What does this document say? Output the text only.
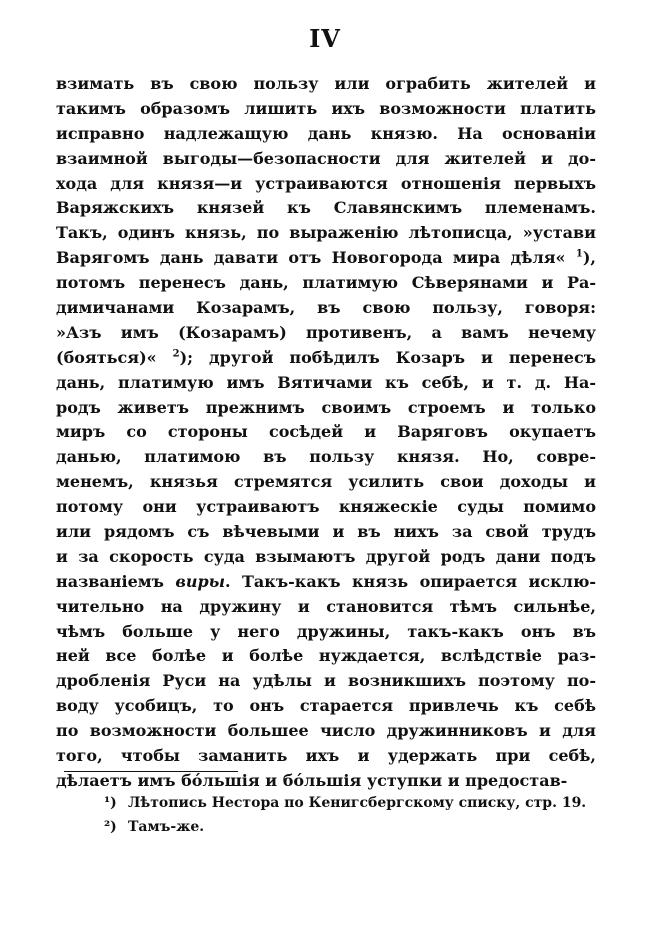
IV
взимать въ свою пользу или ограбить жителей и
такимъ образомъ лишить ихъ возможности платить
исправно надлежащую дань князю. На основаніи
взаимной выгоды—безопасности для жителей и до-
хода для князя—и устраиваются отношенія первыхъ
Варяжскихъ князей къ Славянскимъ племенамъ.
Такъ, одинъ князь, по выраженію лѣтописца, »устави
Варягомъ дань давати отъ Новогорода мира дѣля« $^1$),
потомъ перенесъ дань, платимую Сѣверянами и Ра-
димичанами Козарамъ, въ свою пользу, говоря:
»Азъ имъ (Козарамъ) противенъ, а вамъ нечему
(бояться)« $^2$); другой побѣдилъ Козаръ и перенесъ
дань, платимую имъ Вятичами къ себѣ, и т. д. На-
родъ живетъ прежнимъ своимъ строемъ и только
миръ со стороны сосѣдей и Варяговъ окупаетъ
данью, платимою въ пользу князя. Но, совре-
менемъ, князья стремятся усилить свои доходы и
потому они устраиваютъ княжескіе суды помимо
или рядомъ съ вѣчевыми и въ нихъ за свой трудъ
и за скорость суда взымаютъ другой родъ дани подъ
названіемъ виры. Такъ-какъ князь опирается исклю-
чительно на дружину и становится тѣмъ сильнѣе,
чѣмъ больше у него дружины, такъ-какъ онъ въ
ней все болѣе и болѣе нуждается, вслѣдствіе раз-
дробленія Руси на удѣлы и возникшихъ поэтому по-
воду усобицъ, то онъ старается привлечь къ себѣ
по возможности большее число дружинниковъ и для
того, чтобы заманить ихъ и удержать при себѣ,
дѣлаетъ имъ бо́льшія и бо́льшія уступки и предостав-
¹) Лѣтопись Нестора по Кенигсбергскому списку, стр. 19.
²) Тамъ-же.
